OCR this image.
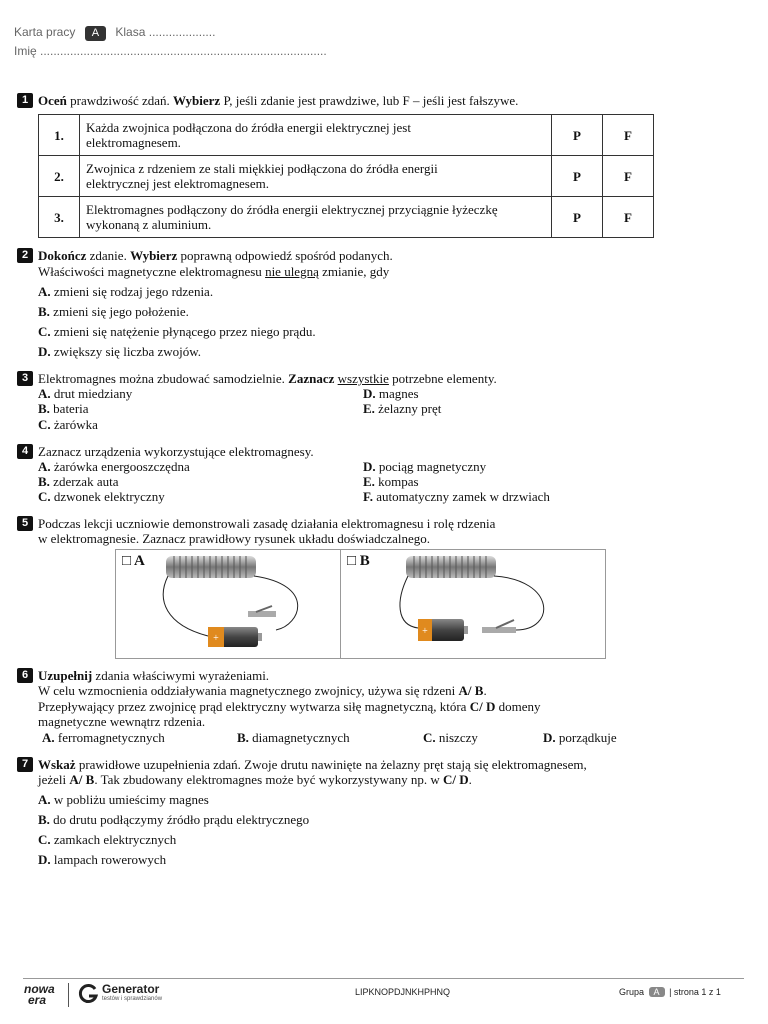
Karta pracy A Klasa ....................
Imię ......................................................................................
1 Oceń prawdziwość zdań. Wybierz P, jeśli zdanie jest prawdziwe, lub F – jeśli jest fałszywe.
1.	Każda zwojnica podłączona do źródła energii elektrycznej jest
elektromagnesem.	P	F
2.	Zwojnica z rdzeniem ze stali miękkiej podłączona do źródła energii
elektrycznej jest elektromagnesem.	P	F
3.	Elektromagnes podłączony do źródła energii elektrycznej przyciągnie łyżeczkę
wykonaną z aluminium.	P	F
2 Dokończ zdanie. Wybierz poprawną odpowiedź spośród podanych.
Właściwości magnetyczne elektromagnesu nie ulegną zmianie, gdy
A. zmieni się rodzaj jego rdzenia.
B. zmieni się jego położenie.
C. zmieni się natężenie płynącego przez niego prądu.
D. zwiększy się liczba zwojów.
3 Elektromagnes można zbudować samodzielnie. Zaznacz wszystkie potrzebne elementy.
A. drut miedziany
B. bateria
C. żarówka
D. magnes
E. żelazny pręt
4 Zaznacz urządzenia wykorzystujące elektromagnesy.
A. żarówka energooszczędna
B. zderzak auta
C. dzwonek elektryczny
D. pociąg magnetyczny
E. kompas
F. automatyczny zamek w drzwiach
5 Podczas lekcji uczniowie demonstrowali zasadę działania elektromagnesu i rolę rdzenia
w elektromagnesie. Zaznacz prawidłowy rysunek układu doświadczalnego.
□ A	□ B
+
+
6 Uzupełnij zdania właściwymi wyrażeniami.
W celu wzmocnienia oddziaływania magnetycznego zwojnicy, używa się rdzeni A/ B.
Przepływający przez zwojnicę prąd elektryczny wytwarza siłę magnetyczną, która C/ D domeny
magnetyczne wewnątrz rdzenia.
A. ferromagnetycznych	B. diamagnetycznych	C. niszczy	D. porządkuje
7 Wskaż prawidłowe uzupełnienia zdań. Zwoje drutu nawinięte na żelazny pręt stają się elektromagnesem,
jeżeli A/ B. Tak zbudowany elektromagnes może być wykorzystywany np. w C/ D.
A. w pobliżu umieścimy magnes
B. do drutu podłączymy źródło prądu elektrycznego
C. zamkach elektrycznych
D. lampach rowerowych
nowa
era
Generator
testów i sprawdzianów
LIPKNOPDJNKHPHNQ	Grupa A | strona 1 z 1
